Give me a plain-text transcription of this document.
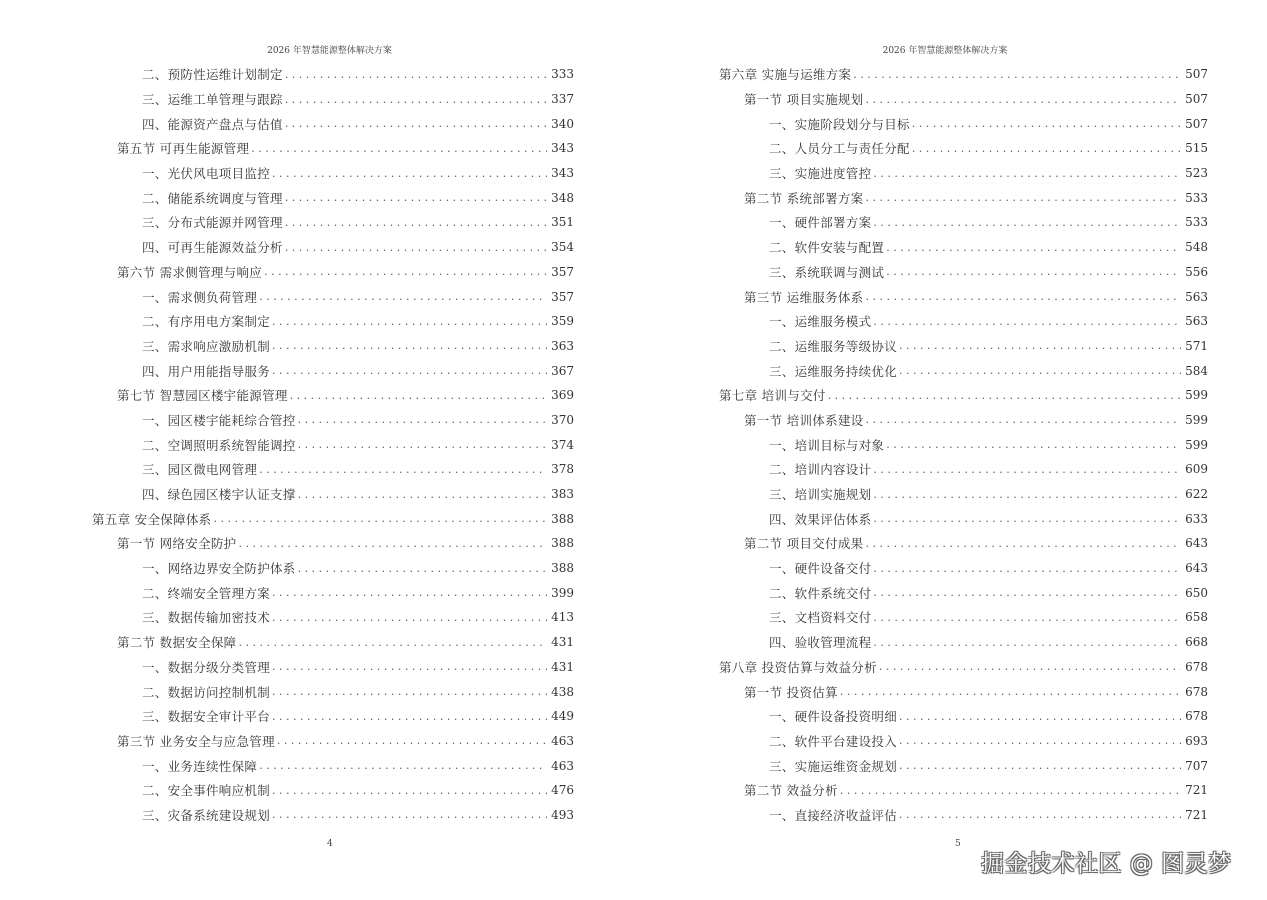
2026 年智慧能源整体解决方案
二、预防性运维计划制定 . . .	333
三、运维工单管理与跟踪 . . .	337
四、能源资产盘点与估值 . . .	340
第五节 可再生能源管理 . . .	343
一、光伏风电项目监控 . . .	343
二、储能系统调度与管理 . . .	348
三、分布式能源并网管理 . . .	351
四、可再生能源效益分析 . . .	354
第六节 需求侧管理与响应 . . .	357
一、需求侧负荷管理 . . .	357
二、有序用电方案制定 . . .	359
三、需求响应激励机制 . . .	363
四、用户用能指导服务 . . .	367
第七节 智慧园区楼宇能源管理 . . .	369
一、园区楼宇能耗综合管控 . . .	370
二、空调照明系统智能调控 . . .	374
三、园区微电网管理 . . .	378
四、绿色园区楼宇认证支撑 . . .	383
第五章 安全保障体系 . . .	388
第一节 网络安全防护 . . .	388
一、网络边界安全防护体系 . . .	388
二、终端安全管理方案 . . .	399
三、数据传输加密技术 . . .	413
第二节 数据安全保障 . . .	431
一、数据分级分类管理 . . .	431
二、数据访问控制机制 . . .	438
三、数据安全审计平台 . . .	449
第三节 业务安全与应急管理 . . .	463
一、业务连续性保障 . . .	463
二、安全事件响应机制 . . .	476
三、灾备系统建设规划 . . .	493
4
2026 年智慧能源整体解决方案
第六章 实施与运维方案 . . .	507
第一节 项目实施规划 . . .	507
一、实施阶段划分与目标 . . .	507
二、人员分工与责任分配 . . .	515
三、实施进度管控 . . .	523
第二节 系统部署方案 . . .	533
一、硬件部署方案 . . .	533
二、软件安装与配置 . . .	548
三、系统联调与测试 . . .	556
第三节 运维服务体系 . . .	563
一、运维服务模式 . . .	563
二、运维服务等级协议 . . .	571
三、运维服务持续优化 . . .	584
第七章 培训与交付 . . .	599
第一节 培训体系建设 . . .	599
一、培训目标与对象 . . .	599
二、培训内容设计 . . .	609
三、培训实施规划 . . .	622
四、效果评估体系 . . .	633
第二节 项目交付成果 . . .	643
一、硬件设备交付 . . .	643
二、软件系统交付 . . .	650
三、文档资料交付 . . .	658
四、验收管理流程 . . .	668
第八章 投资估算与效益分析 . . .	678
第一节 投资估算 . . .	678
一、硬件设备投资明细 . . .	678
二、软件平台建设投入 . . .	693
三、实施运维资金规划 . . .	707
第二节 效益分析 . . .	721
一、直接经济收益评估 . . .	721
5
掘金技术社区 @ 图灵梦
